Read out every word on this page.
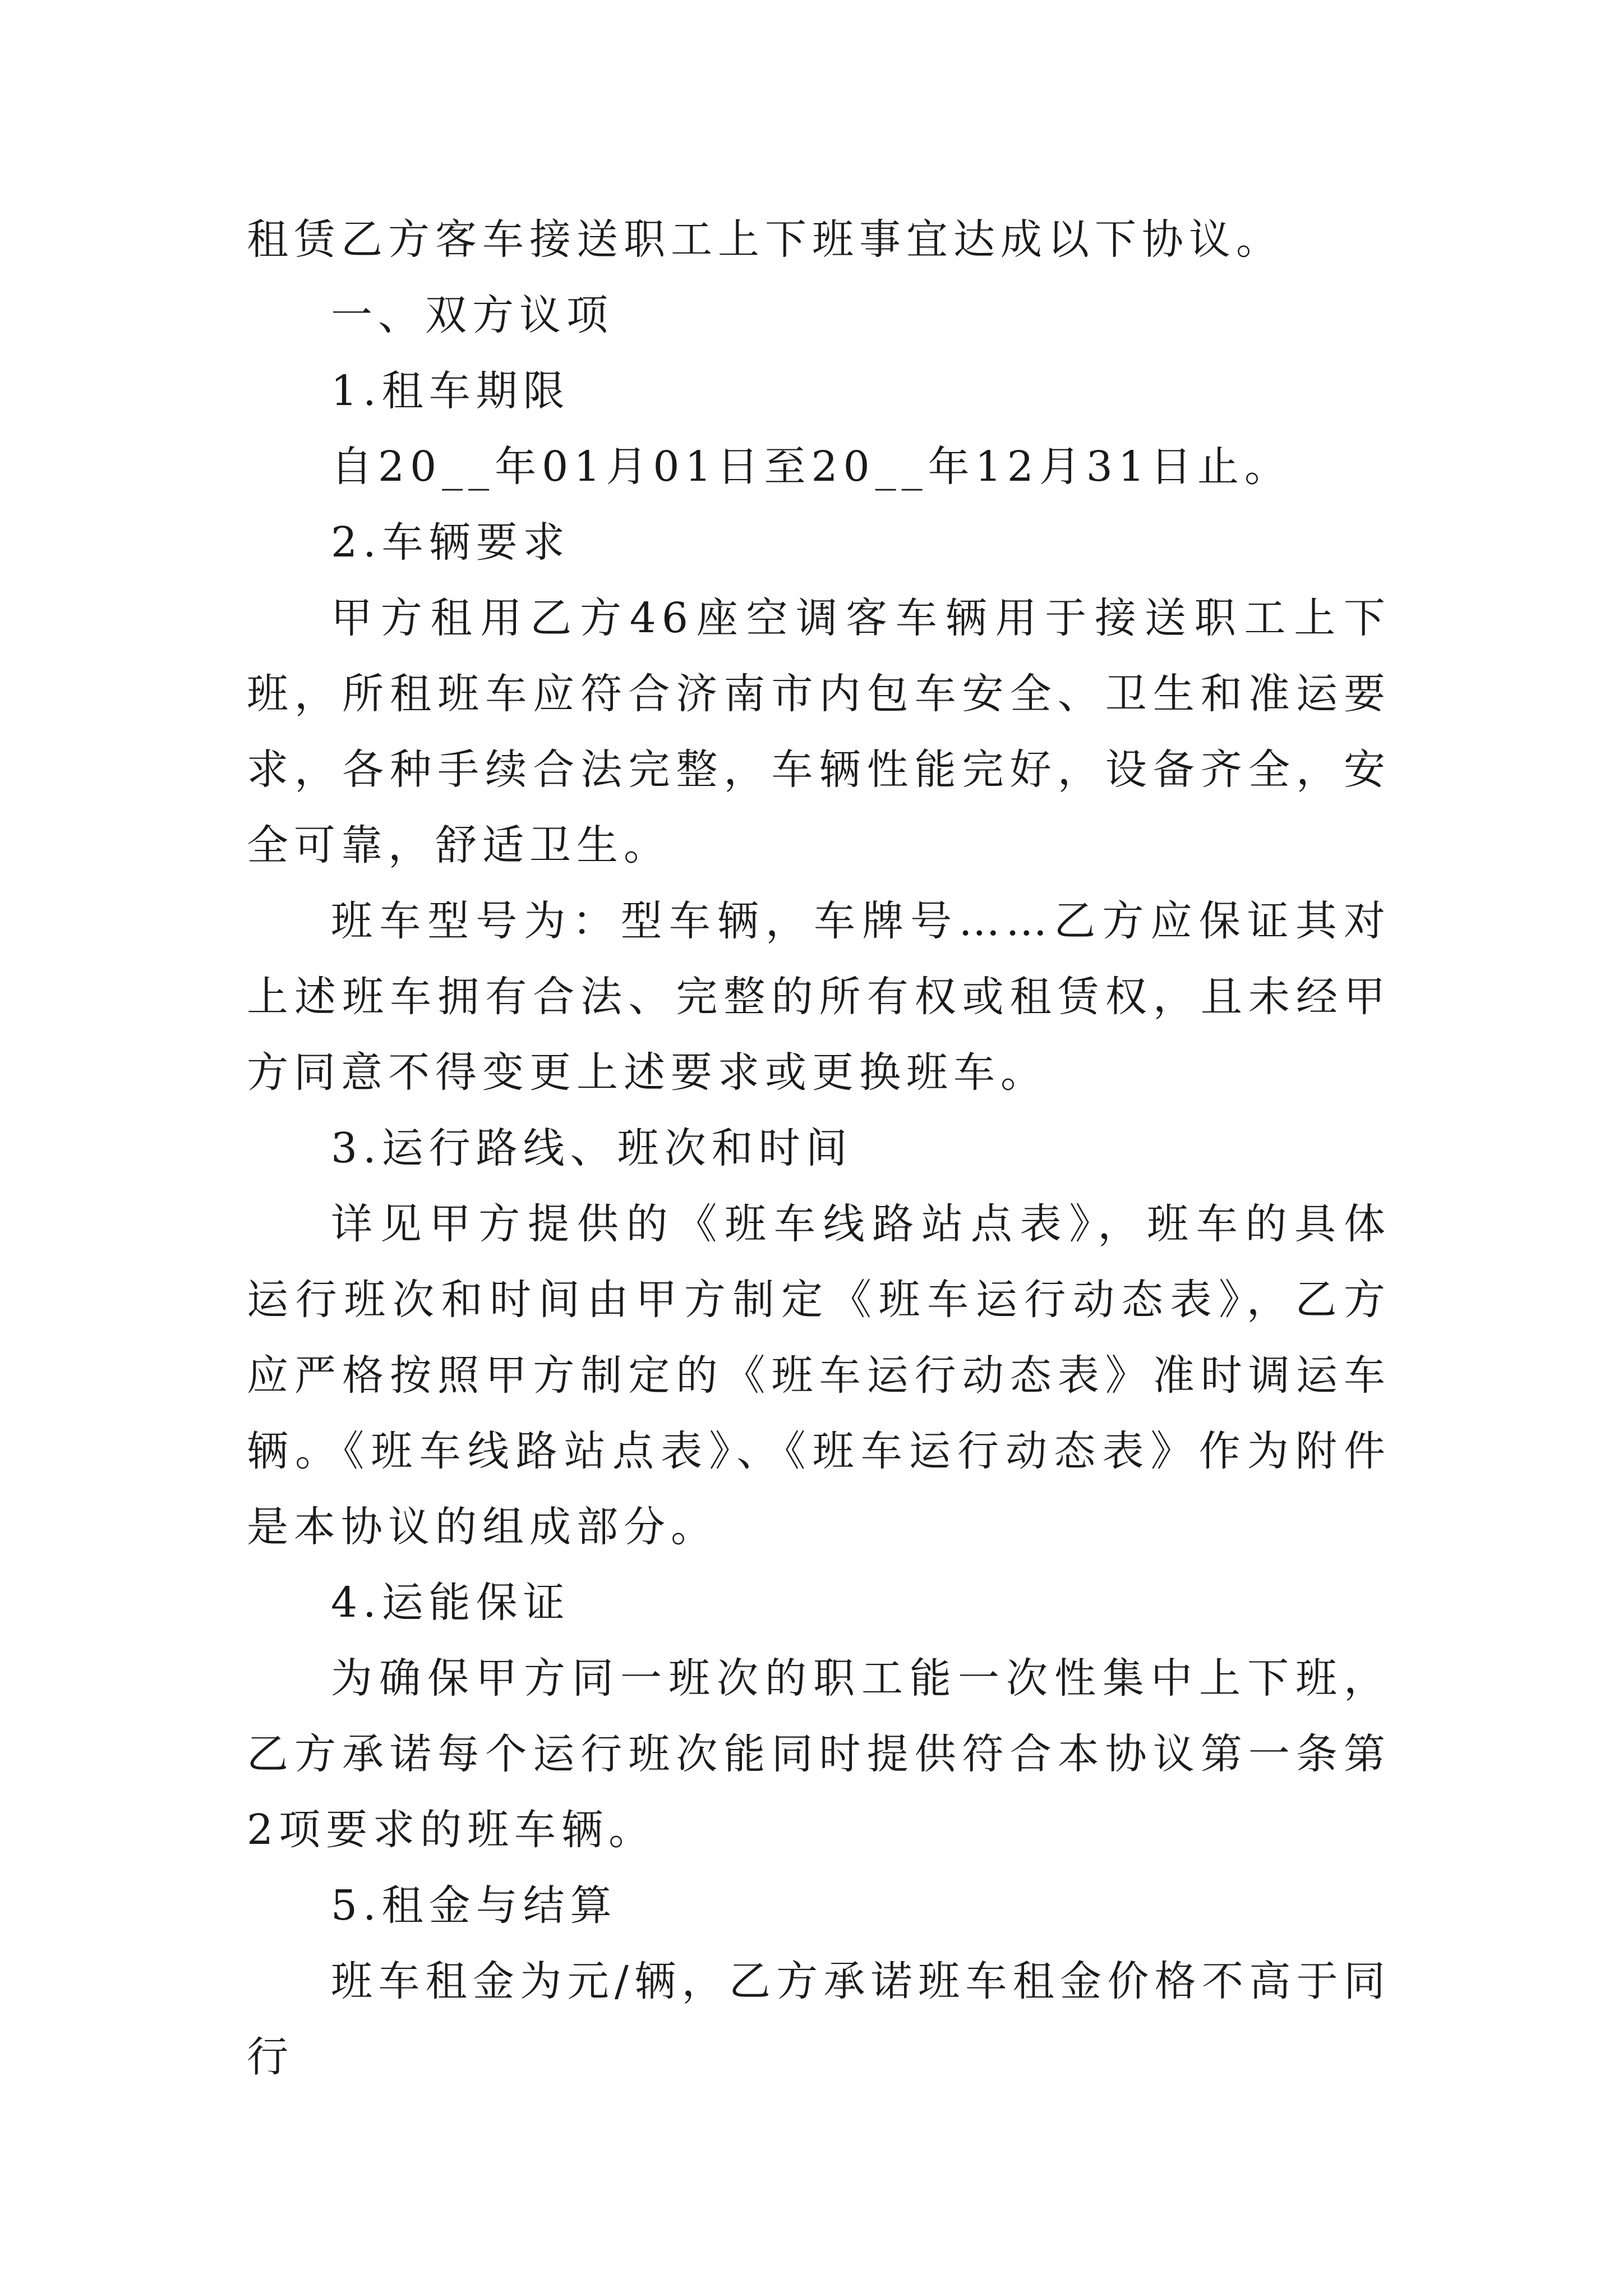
租赁乙方客车接送职工上下班事宜达成以下协议。

一、双方议项

1.租车期限

自20__年01月01日至20__年12月31日止。

2.车辆要求

甲方租用乙方46座空调客车辆用于接送职工上下班，所租班车应符合济南市内包车安全、卫生和准运要求，各种手续合法完整，车辆性能完好，设备齐全，安全可靠，舒适卫生。

班车型号为：型车辆，车牌号……乙方应保证其对上述班车拥有合法、完整的所有权或租赁权，且未经甲方同意不得变更上述要求或更换班车。

3.运行路线、班次和时间

详见甲方提供的《班车线路站点表》，班车的具体运行班次和时间由甲方制定《班车运行动态表》，乙方应严格按照甲方制定的《班车运行动态表》准时调运车辆。《班车线路站点表》、《班车运行动态表》作为附件是本协议的组成部分。

4.运能保证

为确保甲方同一班次的职工能一次性集中上下班，乙方承诺每个运行班次能同时提供符合本协议第一条第2项要求的班车辆。

5.租金与结算

班车租金为元/辆，乙方承诺班车租金价格不高于同行
